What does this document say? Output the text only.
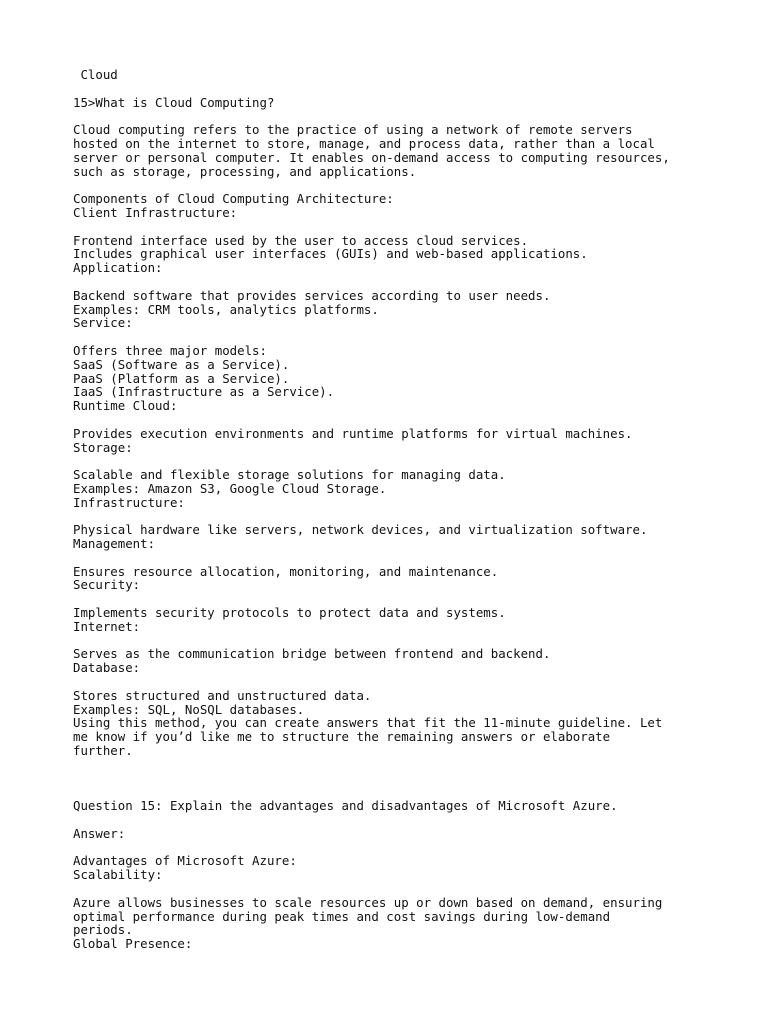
Cloud
15>What is Cloud Computing?
Cloud computing refers to the practice of using a network of remote servers
hosted on the internet to store, manage, and process data, rather than a local
server or personal computer. It enables on-demand access to computing resources,
such as storage, processing, and applications.
Components of Cloud Computing Architecture:
Client Infrastructure:
Frontend interface used by the user to access cloud services.
Includes graphical user interfaces (GUIs) and web-based applications.
Application:
Backend software that provides services according to user needs.
Examples: CRM tools, analytics platforms.
Service:
Offers three major models:
SaaS (Software as a Service).
PaaS (Platform as a Service).
IaaS (Infrastructure as a Service).
Runtime Cloud:
Provides execution environments and runtime platforms for virtual machines.
Storage:
Scalable and flexible storage solutions for managing data.
Examples: Amazon S3, Google Cloud Storage.
Infrastructure:
Physical hardware like servers, network devices, and virtualization software.
Management:
Ensures resource allocation, monitoring, and maintenance.
Security:
Implements security protocols to protect data and systems.
Internet:
Serves as the communication bridge between frontend and backend.
Database:
Stores structured and unstructured data.
Examples: SQL, NoSQL databases.
Using this method, you can create answers that fit the 11-minute guideline. Let
me know if you’d like me to structure the remaining answers or elaborate
further.
Question 15: Explain the advantages and disadvantages of Microsoft Azure.
Answer:
Advantages of Microsoft Azure:
Scalability:
Azure allows businesses to scale resources up or down based on demand, ensuring
optimal performance during peak times and cost savings during low-demand
periods.
Global Presence:
